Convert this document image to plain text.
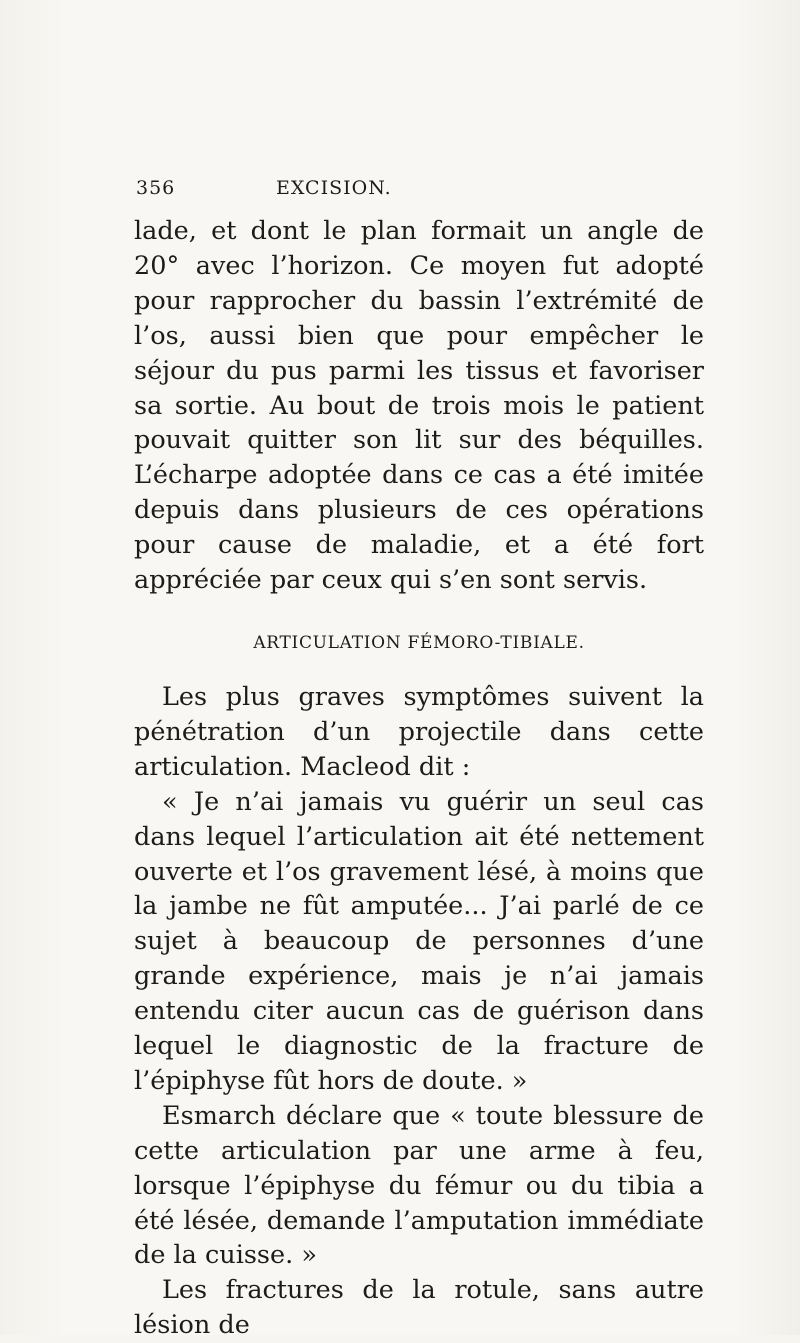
356	EXCISION.

lade, et dont le plan formait un angle de 20° avec l’horizon. Ce moyen fut adopté pour rapprocher du bassin l’extrémité de l’os, aussi bien que pour empêcher le séjour du pus parmi les tissus et favoriser sa sortie. Au bout de trois mois le patient pouvait quitter son lit sur des béquilles. L’écharpe adoptée dans ce cas a été imitée depuis dans plusieurs de ces opérations pour cause de maladie, et a été fort appréciée par ceux qui s’en sont servis.

ARTICULATION FÉMORO-TIBIALE.

Les plus graves symptômes suivent la pénétration d’un projectile dans cette articulation. Macleod dit :

« Je n’ai jamais vu guérir un seul cas dans lequel l’articulation ait été nettement ouverte et l’os gravement lésé, à moins que la jambe ne fût amputée... J’ai parlé de ce sujet à beaucoup de personnes d’une grande expérience, mais je n’ai jamais entendu citer aucun cas de guérison dans lequel le diagnostic de la fracture de l’épiphyse fût hors de doute. »

Esmarch déclare que « toute blessure de cette articulation par une arme à feu, lorsque l’épiphyse du fémur ou du tibia a été lésée, demande l’amputation immédiate de la cuisse. »

Les fractures de la rotule, sans autre lésion de
